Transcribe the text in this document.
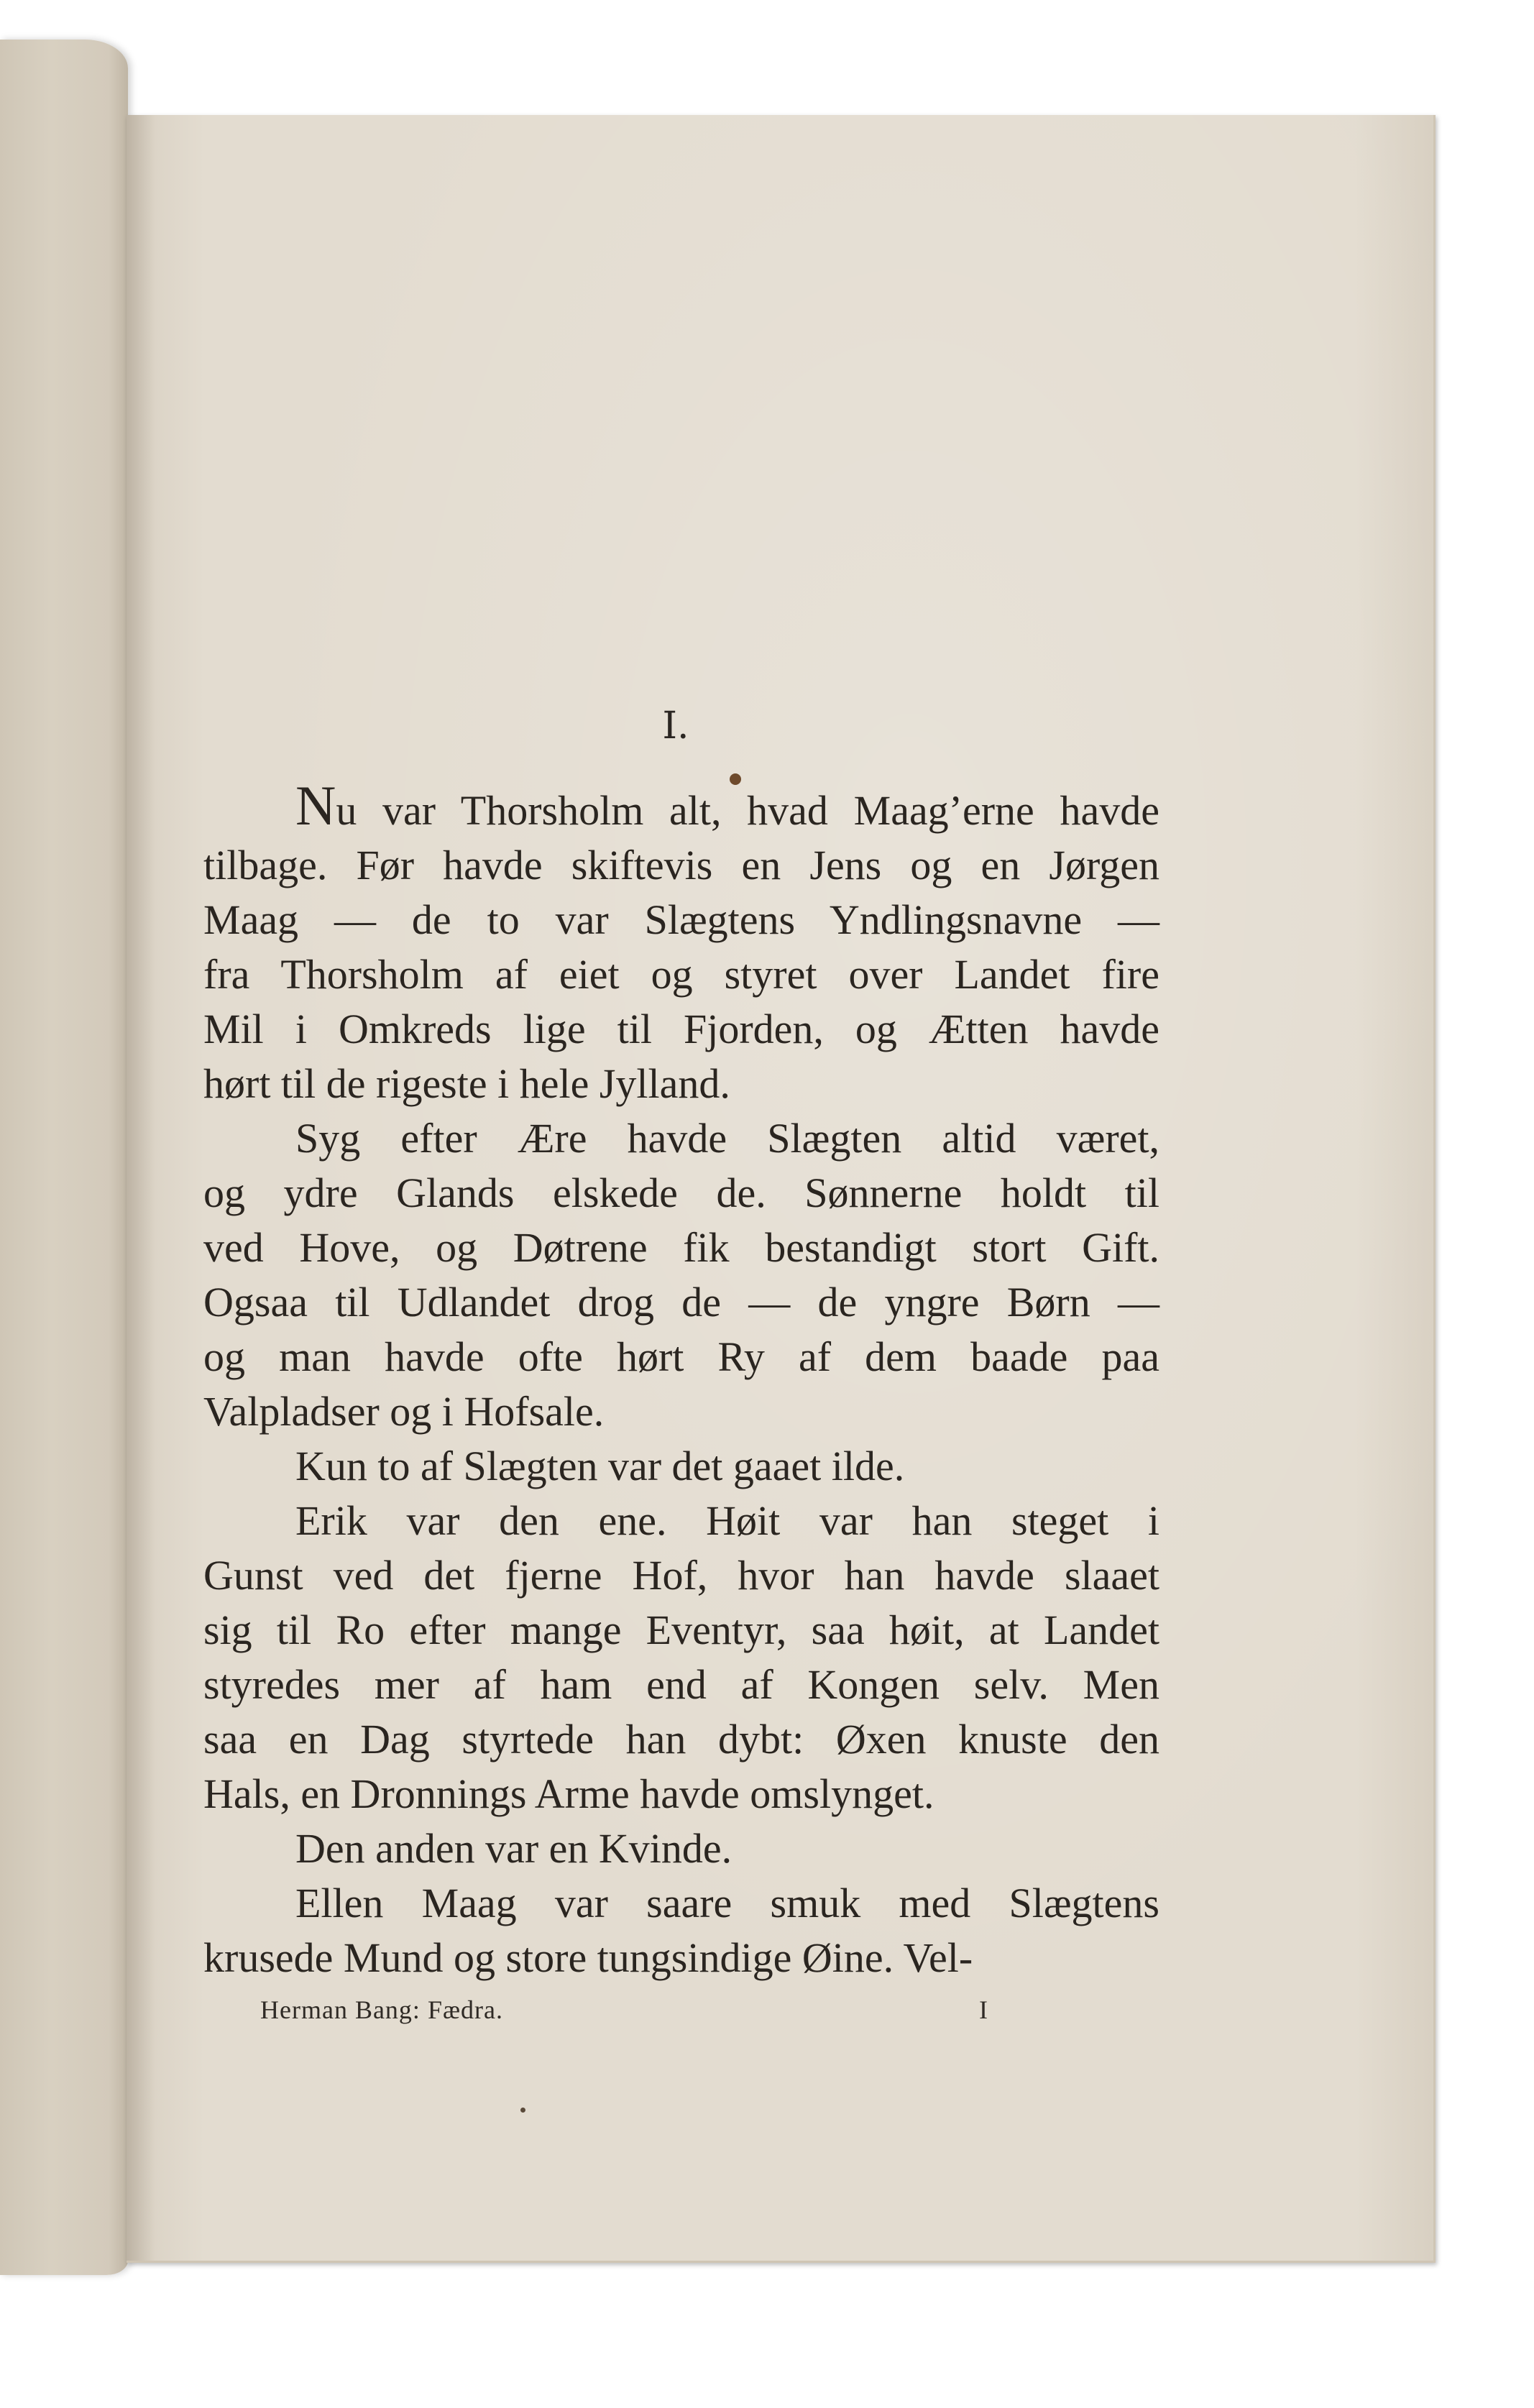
I.
Nu var Thorsholm alt, hvad Maag’erne havde
tilbage. Før havde skiftevis en Jens og en Jørgen
Maag — de to var Slægtens Yndlingsnavne —
fra Thorsholm af eiet og styret over Landet fire
Mil i Omkreds lige til Fjorden, og Ætten havde
hørt til de rigeste i hele Jylland.
Syg efter Ære havde Slægten altid været,
og ydre Glands elskede de. Sønnerne holdt til
ved Hove, og Døtrene fik bestandigt stort Gift.
Ogsaa til Udlandet drog de — de yngre Børn —
og man havde ofte hørt Ry af dem baade paa
Valpladser og i Hofsale.
Kun to af Slægten var det gaaet ilde.
Erik var den ene. Høit var han steget i
Gunst ved det fjerne Hof, hvor han havde slaaet
sig til Ro efter mange Eventyr, saa høit, at Landet
styredes mer af ham end af Kongen selv. Men
saa en Dag styrtede han dybt: Øxen knuste den
Hals, en Dronnings Arme havde omslynget.
Den anden var en Kvinde.
Ellen Maag var saare smuk med Slægtens
krusede Mund og store tungsindige Øine. Vel-
Herman Bang: Fædra.	I
